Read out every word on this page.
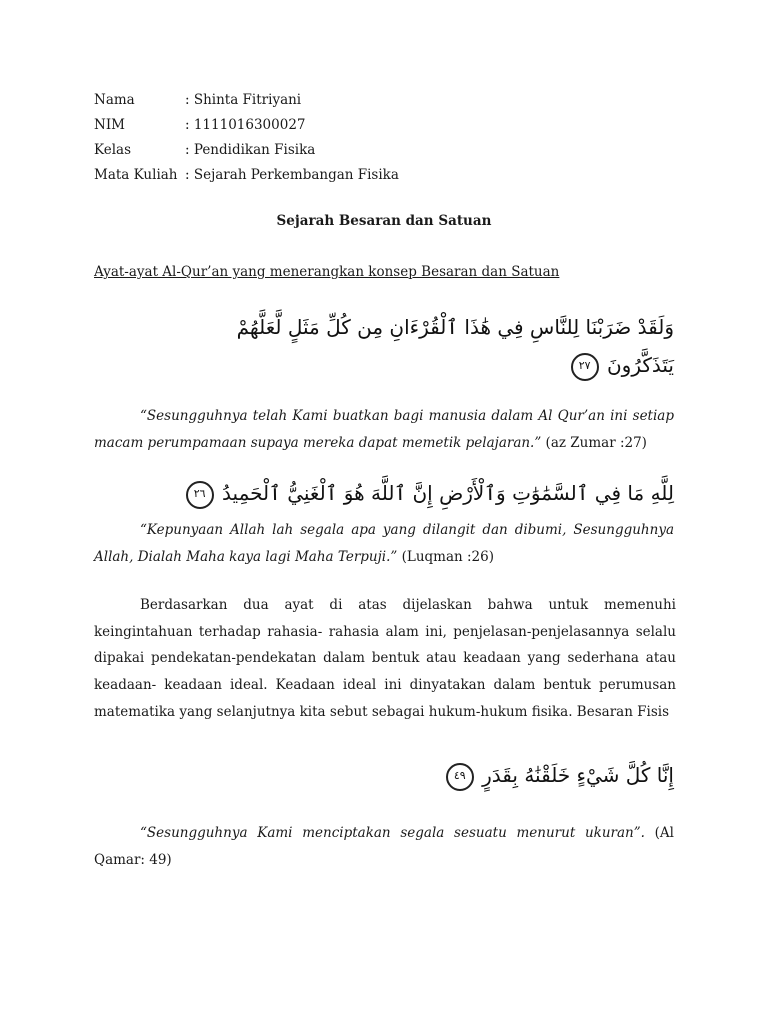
Nama	: Shinta Fitriyani
NIM	: 1111016300027
Kelas	: Pendidikan Fisika
Mata Kuliah : Sejarah Perkembangan Fisika
Sejarah Besaran dan Satuan
Ayat-ayat Al-Qur’an yang menerangkan konsep Besaran dan Satuan
وَلَقَدْ ضَرَبْنَا لِلنَّاسِ فِي هَٰذَا ٱلْقُرْءَانِ مِن كُلِّ مَثَلٍ لَّعَلَّهُمْ
يَتَذَكَّرُونَ ٢٧
“Sesungguhnya telah Kami buatkan bagi manusia dalam Al Qur’an ini setiap macam perumpamaan supaya mereka dapat memetik pelajaran.” (az Zumar :27)
لِلَّهِ مَا فِي ٱلسَّمَٰوَٰتِ وَٱلْأَرْضِ إِنَّ ٱللَّهَ هُوَ ٱلْغَنِيُّ ٱلْحَمِيدُ ٢٦
“Kepunyaan Allah lah segala apa yang dilangit dan dibumi, Sesungguhnya Allah, Dialah Maha kaya lagi Maha Terpuji.” (Luqman :26)
Berdasarkan dua ayat di atas dijelaskan bahwa untuk memenuhi keingintahuan terhadap rahasia- rahasia alam ini, penjelasan-penjelasannya selalu dipakai pendekatan-pendekatan dalam bentuk atau keadaan yang sederhana atau keadaan- keadaan ideal. Keadaan ideal ini dinyatakan dalam bentuk perumusan matematika yang selanjutnya kita sebut sebagai hukum-hukum fisika. Besaran Fisis
إِنَّا كُلَّ شَيْءٍ خَلَقْنَٰهُ بِقَدَرٍ ٤٩
“Sesungguhnya Kami menciptakan segala sesuatu menurut ukuran”. (Al Qamar: 49)
